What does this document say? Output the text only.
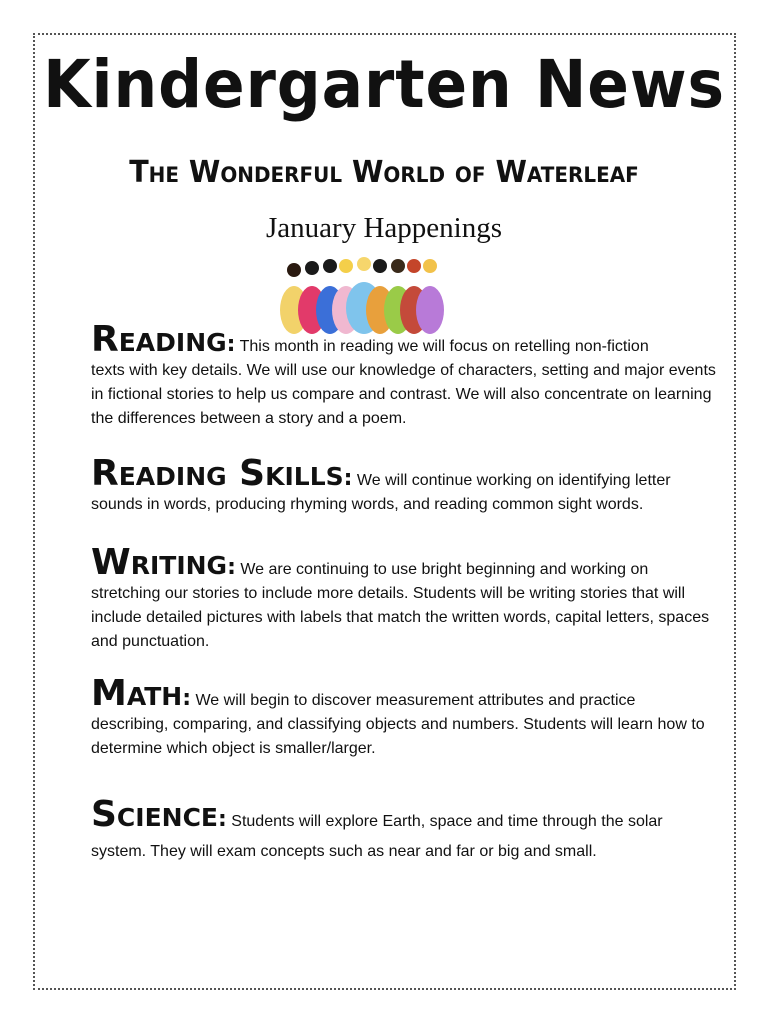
Kindergarten News
The Wonderful World of Waterleaf
January Happenings
Reading: This month in reading we will focus on retelling non-fiction
texts with key details. We will use our knowledge of characters, setting and major events in fictional stories to help us compare and contrast. We will also concentrate on learning the differences between a story and a poem.
Reading Skills: We will continue working on identifying letter
sounds in words, producing rhyming words, and reading common sight words.
Writing: We are continuing to use bright beginning and working on
stretching our stories to include more details. Students will be writing stories that will include detailed pictures with labels that match the written words, capital letters, spaces and punctuation.
Math: We will begin to discover measurement attributes and practice
describing, comparing, and classifying objects and numbers. Students will learn how to determine which object is smaller/larger.
Science: Students will explore Earth, space and time through the solar
system. They will exam concepts such as near and far or big and small.
